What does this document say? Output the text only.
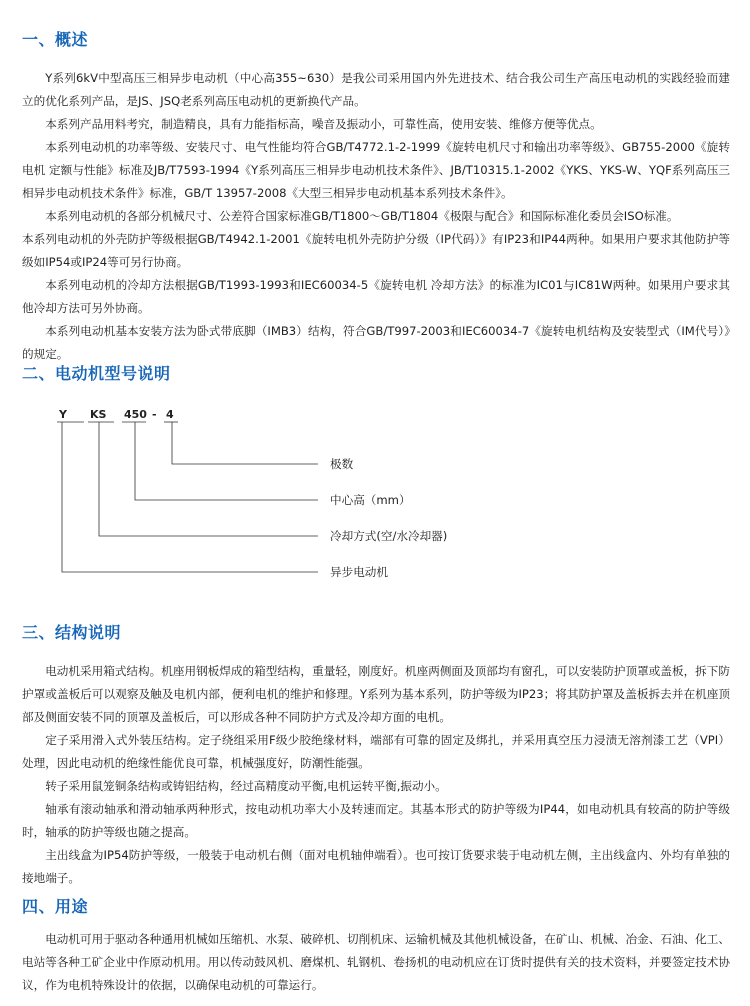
一、概述

Y系列6kV中型高压三相异步电动机（中心高355~630）是我公司采用国内外先进技术、结合我公司生产高压电动机的实践经验而建立的优化系列产品，是JS、JSQ老系列高压电动机的更新换代产品。

本系列产品用料考究，制造精良，具有力能指标高，噪音及振动小，可靠性高，使用安装、维修方便等优点。

本系列电动机的功率等级、安装尺寸、电气性能均符合GB/T4772.1-2-1999《旋转电机尺寸和输出功率等级》、GB755-2000《旋转电机 定额与性能》标准及JB/T7593-1994《Y系列高压三相异步电动机技术条件》、JB/T10315.1-2002《YKS、YKS-W、YQF系列高压三相异步电动机技术条件》标准，GB/T 13957-2008《大型三相异步电动机基本系列技术条件》。

本系列电动机的各部分机械尺寸、公差符合国家标准GB/T1800～GB/T1804《极限与配合》和国际标准化委员会ISO标准。

本系列电动机的外壳防护等级根据GB/T4942.1-2001《旋转电机外壳防护分级（IP代码）》有IP23和IP44两种。如果用户要求其他防护等级如IP54或IP24等可另行协商。

本系列电动机的冷却方法根据GB/T1993-1993和IEC60034-5《旋转电机 冷却方法》的标准为IC01与IC81W两种。如果用户要求其他冷却方法可另外协商。

本系列电动机基本安装方法为卧式带底脚（IMB3）结构，符合GB/T997-2003和IEC60034-7《旋转电机结构及安装型式（IM代号）》的规定。

二、电动机型号说明
Y KS 450 - 4
极数
中心高（mm）
冷却方式(空/水冷却器)
异步电动机
三、结构说明

电动机采用箱式结构。机座用钢板焊成的箱型结构，重量轻，刚度好。机座两侧面及顶部均有窗孔，可以安装防护顶罩或盖板，拆下防护罩或盖板后可以观察及触及电机内部，便利电机的维护和修理。Y系列为基本系列，防护等级为IP23；将其防护罩及盖板拆去并在机座顶部及侧面安装不同的顶罩及盖板后，可以形成各种不同防护方式及冷却方面的电机。

定子采用滑入式外装压结构。定子绕组采用F级少胶绝缘材料，端部有可靠的固定及绑扎，并采用真空压力浸渍无溶剂漆工艺（VPI）处理，因此电动机的绝缘性能优良可靠，机械强度好，防潮性能强。

转子采用鼠笼铜条结构或铸铝结构，经过高精度动平衡,电机运转平衡,振动小。

轴承有滚动轴承和滑动轴承两种形式，按电动机功率大小及转速而定。其基本形式的防护等级为IP44，如电动机具有较高的防护等级时，轴承的防护等级也随之提高。

主出线盒为IP54防护等级，一般装于电动机右侧（面对电机轴伸端看）。也可按订货要求装于电动机左侧，主出线盒内、外均有单独的接地端子。

四、用途

电动机可用于驱动各种通用机械如压缩机、水泵、破碎机、切削机床、运输机械及其他机械设备，在矿山、机械、冶金、石油、化工、电站等各种工矿企业中作原动机用。用以传动鼓风机、磨煤机、轧钢机、卷扬机的电动机应在订货时提供有关的技术资料，并要签定技术协议，作为电机特殊设计的依据，以确保电动机的可靠运行。
